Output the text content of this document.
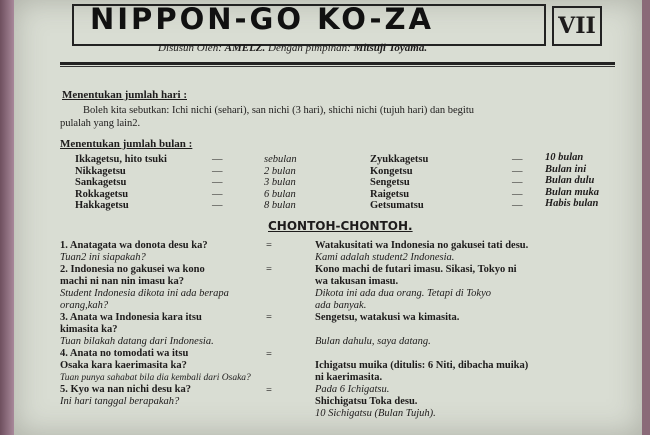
NIPPON-GO KO-ZA	VII
Disusun Oleh: AMELZ. Dengan pimpinan: Mitsuji Toyama.
Menentukan jumlah hari :
Boleh kita sebutkan: Ichi nichi (sehari), san nichi (3 hari), shichi nichi (tujuh hari) dan begitu
pulalah yang lain2.
Menentukan jumlah bulan :
Ikkagetsu, hito tsuki
Nikkagetsu
Sankagetsu
Rokkagetsu
Hakkagetsu
—
—
—
—
—
sebulan
2 bulan
3 bulan
6 bulan
8 bulan
Zyukkagetsu
Kongetsu
Sengetsu
Raigetsu
Getsumatsu
—
—
—
—
—
10 bulan
Bulan ini
Bulan dulu
Bulan muka
Habis bulan
CHONTOH-CHONTOH.
1. Anatagata wa donota desu ka?
Tuan2 ini siapakah?
2. Indonesia no gakusei wa kono
machi ni nan nin imasu ka?
Student Indonesia dikota ini ada berapa
orang,kah?
3. Anata wa Indonesia kara itsu
kimasita ka?
Tuan bilakah datang dari Indonesia.
4. Anata no tomodati wa itsu
Osaka kara kaerimasita ka?
Tuan punya sahabat bila dia kembali dari Osaka?
5. Kyo wa nan nichi desu ka?
Ini hari tanggal berapakah?
=
=
=
=
=
Watakusitati wa Indonesia no gakusei tati desu.
Kami adalah student2 Indonesia.
Kono machi de futari imasu. Sikasi, Tokyo ni
wa takusan imasu.
Dikota ini ada dua orang. Tetapi di Tokyo
ada banyak.
Sengetsu, watakusi wa kimasita.
Bulan dahulu, saya datang.
Ichigatsu muika (ditulis: 6 Niti, dibacha muika)
ni kaerimasita.
Pada 6 Ichigatsu.
Shichigatsu Toka desu.
10 Sichigatsu (Bulan Tujuh).
